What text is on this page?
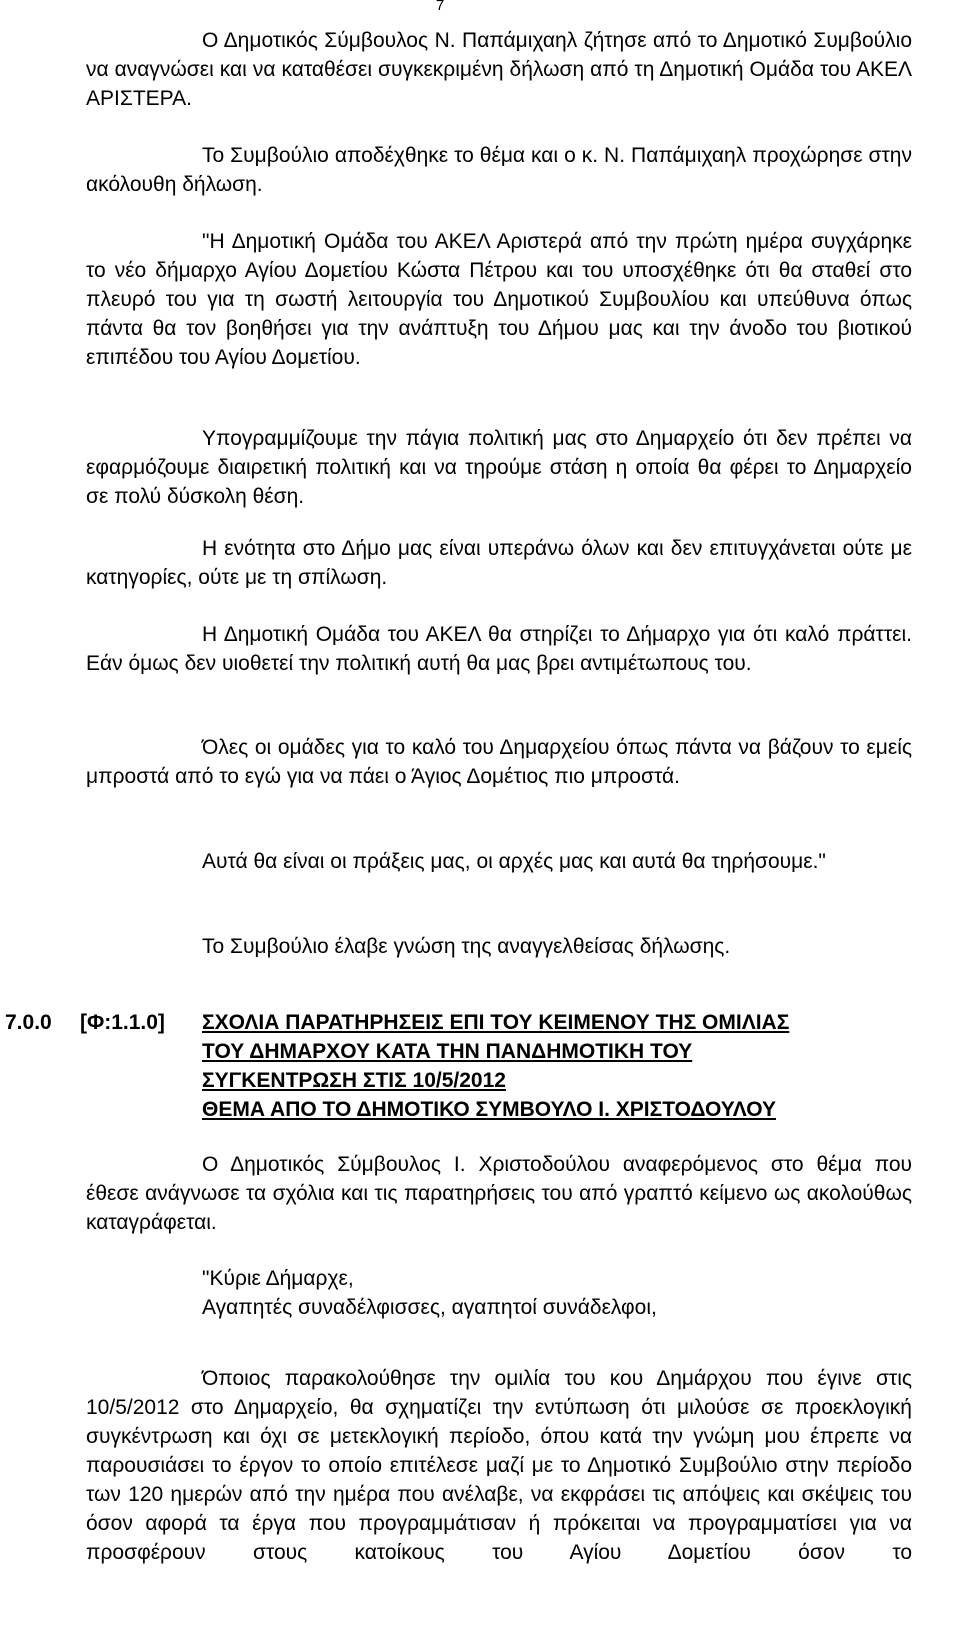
7

Ο Δημοτικός Σύμβουλος Ν. Παπάμιχαηλ ζήτησε από το Δημοτικό Συμβούλιο να αναγνώσει και να καταθέσει συγκεκριμένη δήλωση από τη Δημοτική Ομάδα του ΑΚΕΛ ΑΡΙΣΤΕΡΑ.

Το Συμβούλιο αποδέχθηκε το θέμα και ο κ. Ν. Παπάμιχαηλ προχώρησε στην ακόλουθη δήλωση.

"Η Δημοτική Ομάδα του ΑΚΕΛ Αριστερά από την πρώτη ημέρα συγχάρηκε το νέο δήμαρχο Αγίου Δομετίου Κώστα Πέτρου και του υποσχέθηκε ότι θα σταθεί στο πλευρό του για τη σωστή λειτουργία του Δημοτικού Συμβουλίου και υπεύθυνα όπως πάντα θα τον βοηθήσει για την ανάπτυξη του Δήμου μας και την άνοδο του βιοτικού επιπέδου του Αγίου Δομετίου.

Υπογραμμίζουμε την πάγια πολιτική μας στο Δημαρχείο ότι δεν πρέπει να εφαρμόζουμε διαιρετική πολιτική και να τηρούμε στάση η οποία θα φέρει το Δημαρχείο σε πολύ δύσκολη θέση.

Η ενότητα στο Δήμο μας είναι υπεράνω όλων και δεν επιτυγχάνεται ούτε με κατηγορίες, ούτε με τη σπίλωση.

Η Δημοτική Ομάδα του ΑΚΕΛ θα στηρίζει το Δήμαρχο για ότι καλό πράττει. Εάν όμως δεν υιοθετεί την πολιτική αυτή θα μας βρει αντιμέτωπους του.

Όλες οι ομάδες για το καλό του Δημαρχείου όπως πάντα να βάζουν το εμείς μπροστά από το εγώ για να πάει ο Άγιος Δομέτιος πιο μπροστά.

Αυτά θα είναι οι πράξεις μας, οι αρχές μας και αυτά θα τηρήσουμε."

Το Συμβούλιο έλαβε γνώση της αναγγελθείσας δήλωσης.

7.0.0 [Φ:1.1.0] ΣΧΟΛΙΑ ΠΑΡΑΤΗΡΗΣΕΙΣ ΕΠΙ ΤΟΥ ΚΕΙΜΕΝΟΥ ΤΗΣ ΟΜΙΛΙΑΣ
ΤΟΥ ΔΗΜΑΡΧΟΥ ΚΑΤΑ ΤΗΝ ΠΑΝΔΗΜΟΤΙΚΗ ΤΟΥ
ΣΥΓΚΕΝΤΡΩΣΗ ΣΤΙΣ 10/5/2012
ΘΕΜΑ ΑΠΟ ΤΟ ΔΗΜΟΤΙΚΟ ΣΥΜΒΟΥΛΟ Ι. ΧΡΙΣΤΟΔΟΥΛΟΥ

Ο Δημοτικός Σύμβουλος Ι. Χριστοδούλου αναφερόμενος στο θέμα που έθεσε ανάγνωσε τα σχόλια και τις παρατηρήσεις του από γραπτό κείμενο ως ακολούθως καταγράφεται.

"Κύριε Δήμαρχε,

Αγαπητές συναδέλφισσες, αγαπητοί συνάδελφοι,

Όποιος παρακολούθησε την ομιλία του κου Δημάρχου που έγινε στις 10/5/2012 στο Δημαρχείο, θα σχηματίζει την εντύπωση ότι μιλούσε σε προεκλογική συγκέντρωση και όχι σε μετεκλογική περίοδο, όπου κατά την γνώμη μου έπρεπε να παρουσιάσει το έργον το οποίο επιτέλεσε μαζί με το Δημοτικό Συμβούλιο στην περίοδο των 120 ημερών από την ημέρα που ανέλαβε, να εκφράσει τις απόψεις και σκέψεις του όσον αφορά τα έργα που προγραμμάτισαν ή πρόκειται να προγραμματίσει για να προσφέρουν στους κατοίκους του Αγίου Δομετίου όσον το
